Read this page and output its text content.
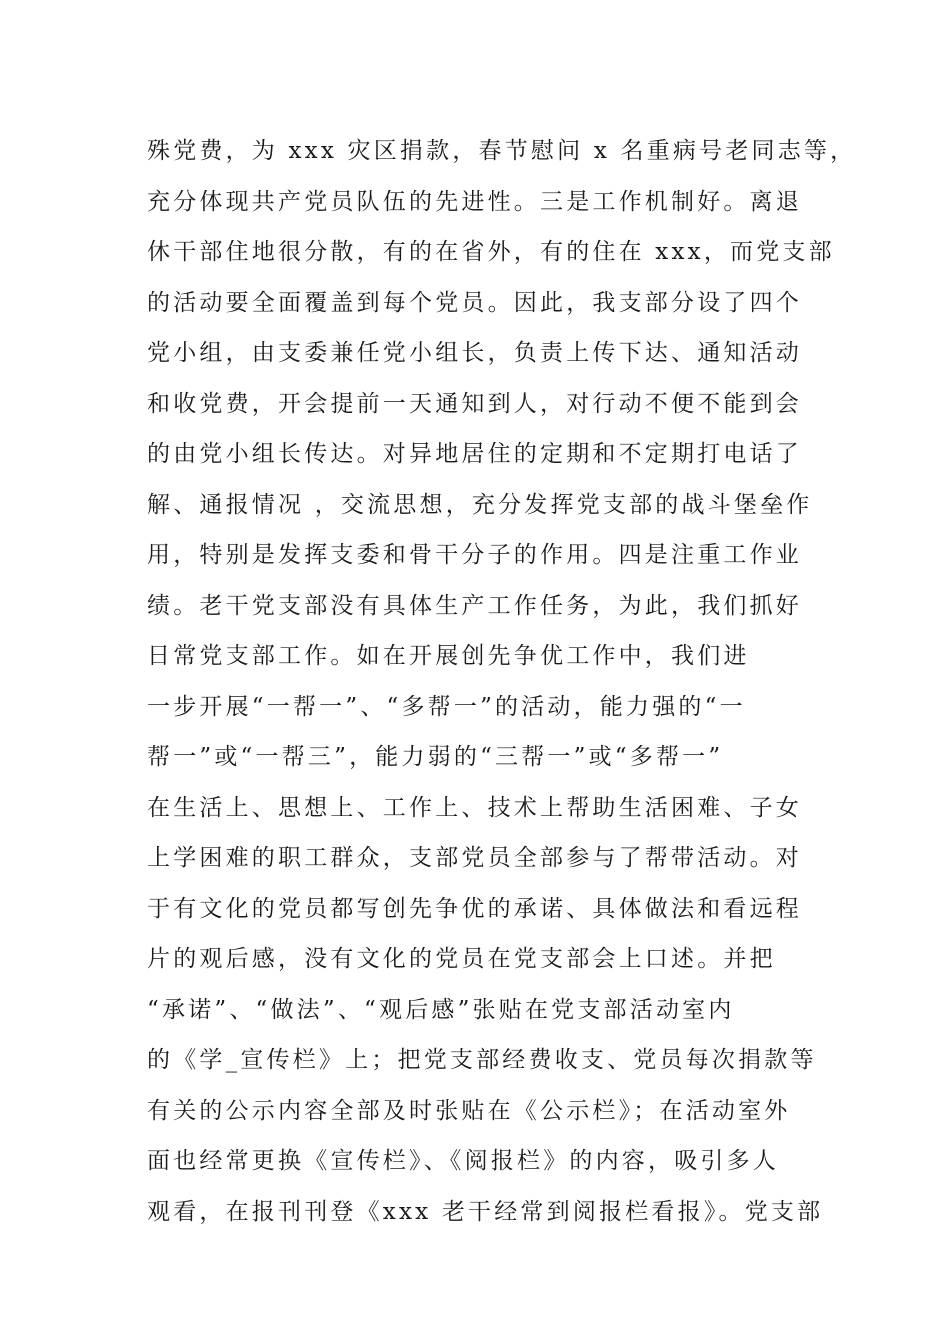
殊党费，为 xxx 灾区捐款，春节慰问 x 名重病号老同志等，
充分体现共产党员队伍的先进性。三是工作机制好。离退
休干部住地很分散，有的在省外，有的住在 xxx，而党支部
的活动要全面覆盖到每个党员。因此，我支部分设了四个
党小组，由支委兼任党小组长，负责上传下达、通知活动
和收党费，开会提前一天通知到人，对行动不便不能到会
的由党小组长传达。对异地居住的定期和不定期打电话了
解、通报情况 ，交流思想，充分发挥党支部的战斗堡垒作
用，特别是发挥支委和骨干分子的作用。四是注重工作业
绩。老干党支部没有具体生产工作任务，为此，我们抓好
日常党支部工作。如在开展创先争优工作中，我们进
一步开展“一帮一”、“多帮一”的活动，能力强的“一
帮一”或“一帮三”，能力弱的“三帮一”或“多帮一”
在生活上、思想上、工作上、技术上帮助生活困难、子女
上学困难的职工群众，支部党员全部参与了帮带活动。对
于有文化的党员都写创先争优的承诺、具体做法和看远程
片的观后感，没有文化的党员在党支部会上口述。并把
“承诺”、“做法”、“观后感”张贴在党支部活动室内
的《学_宣传栏》上；把党支部经费收支、党员每次捐款等
有关的公示内容全部及时张贴在《公示栏》；在活动室外
面也经常更换《宣传栏》、《阅报栏》的内容，吸引多人
观看，在报刊刊登《xxx 老干经常到阅报栏看报》。党支部
